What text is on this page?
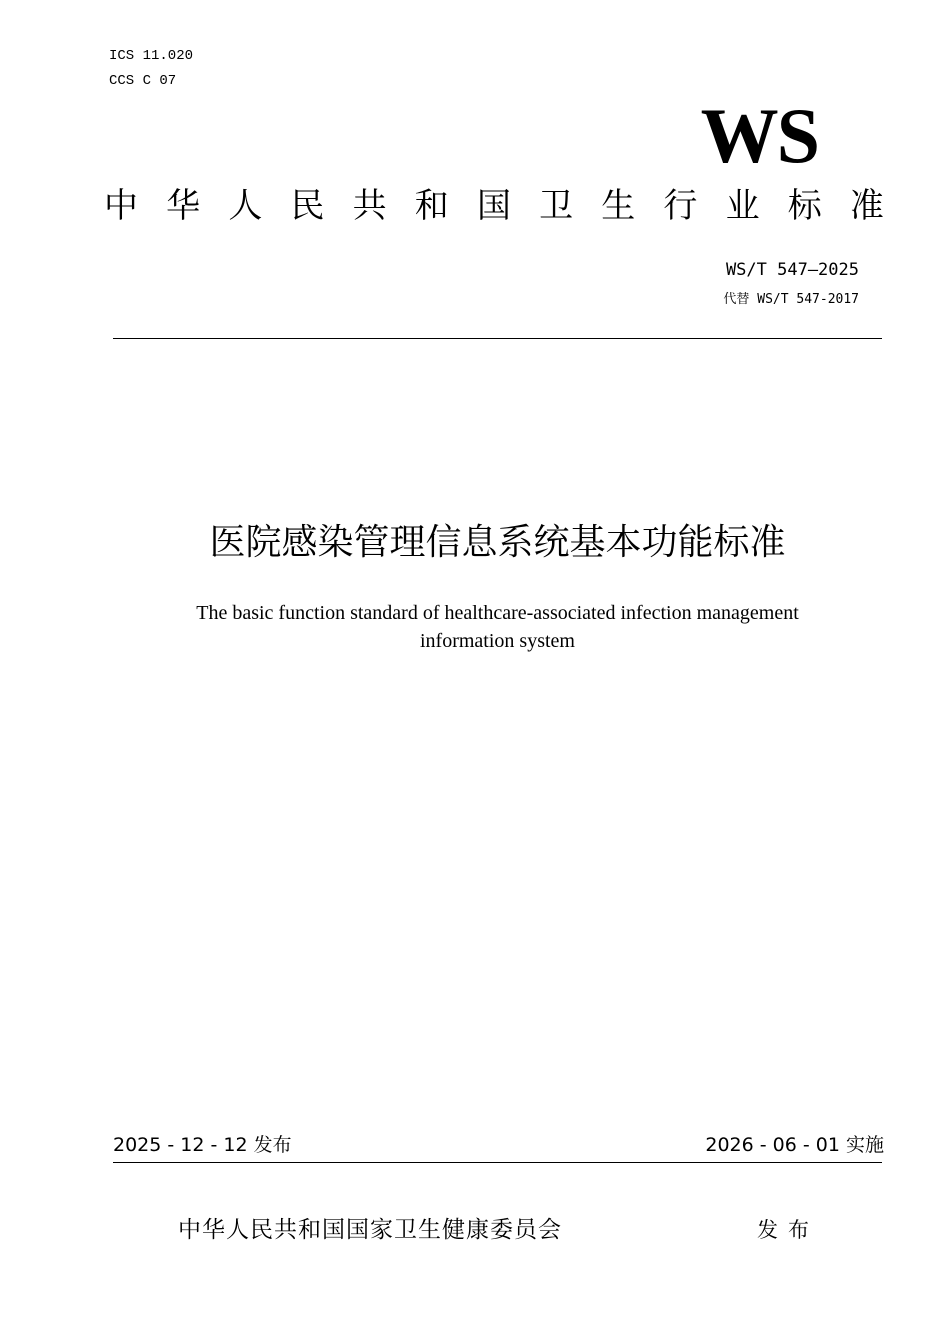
ICS 11.020
CCS C 07
WS
中 华 人 民 共 和 国 卫 生 行 业 标 准
WS/T 547—2025
代替 WS/T 547-2017
医院感染管理信息系统基本功能标准
The basic function standard of healthcare-associated infection management
information system
2025 - 12 - 12 发布	2026 - 06 - 01 实施
中华人民共和国国家卫生健康委员会	发布
